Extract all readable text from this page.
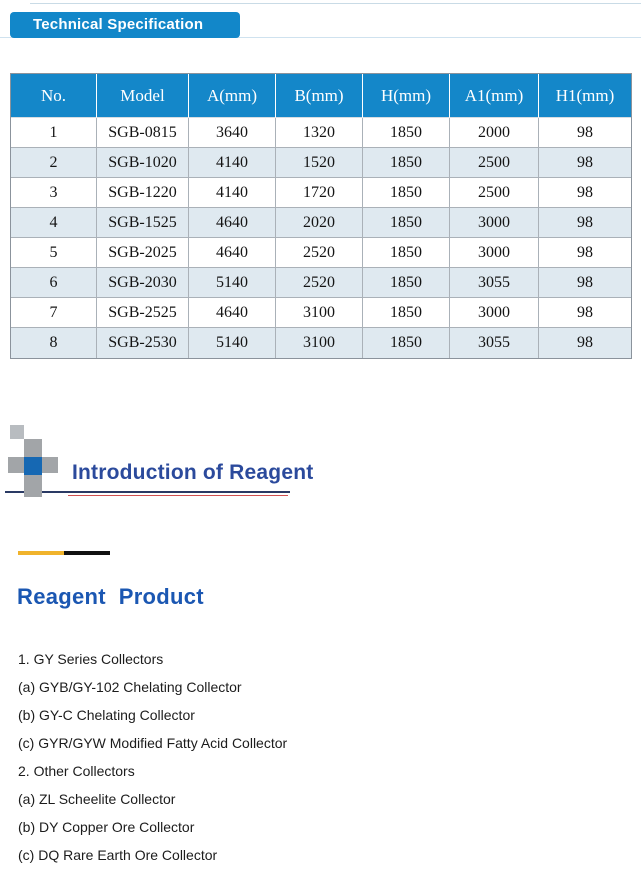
Technical Specification
No.	Model	A(mm)	B(mm)	H(mm)	A1(mm)	H1(mm)
1	SGB-0815	3640	1320	1850	2000	98
2	SGB-1020	4140	1520	1850	2500	98
3	SGB-1220	4140	1720	1850	2500	98
4	SGB-1525	4640	2020	1850	3000	98
5	SGB-2025	4640	2520	1850	3000	98
6	SGB-2030	5140	2520	1850	3055	98
7	SGB-2525	4640	3100	1850	3000	98
8	SGB-2530	5140	3100	1850	3055	98
Introduction of Reagent
Reagent  Product
1. GY Series Collectors
(a) GYB/GY-102 Chelating Collector
(b) GY-C Chelating Collector
(c) GYR/GYW Modified Fatty Acid Collector
2. Other Collectors
(a) ZL Scheelite Collector
(b) DY Copper Ore Collector
(c) DQ Rare Earth Ore Collector
